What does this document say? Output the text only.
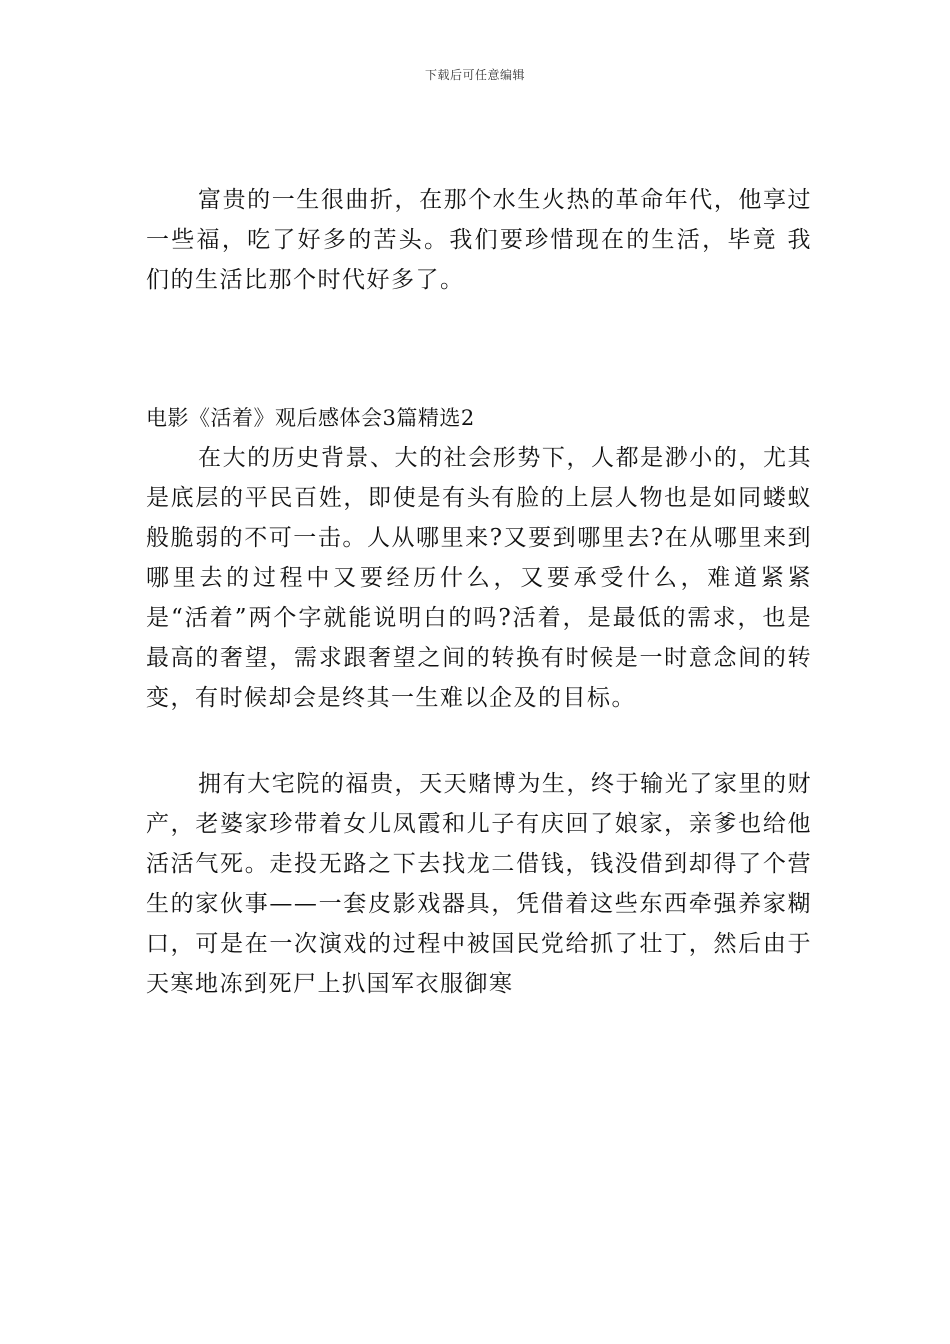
下载后可任意编辑

富贵的一生很曲折，在那个水生火热的革命年代，他享过一些福，吃了好多的苦头。我们要珍惜现在的生活，毕竟 我们的生活比那个时代好多了。

电影《活着》观后感体会3篇精选2

在大的历史背景、大的社会形势下，人都是渺小的，尤其是底层的平民百姓，即使是有头有脸的上层人物也是如同蝼蚁般脆弱的不可一击。人从哪里来?又要到哪里去?在从哪里来到哪里去的过程中又要经历什么，又要承受什么，难道紧紧是“活着”两个字就能说明白的吗?活着，是最低的需求，也是最高的奢望，需求跟奢望之间的转换有时候是一时意念间的转变，有时候却会是终其一生难以企及的目标。

拥有大宅院的福贵，天天赌博为生，终于输光了家里的财产，老婆家珍带着女儿凤霞和儿子有庆回了娘家，亲爹也给他活活气死。走投无路之下去找龙二借钱，钱没借到却得了个营生的家伙事——一套皮影戏器具，凭借着这些东西牵强养家糊口，可是在一次演戏的过程中被国民党给抓了壮丁，然后由于天寒地冻到死尸上扒国军衣服御寒
